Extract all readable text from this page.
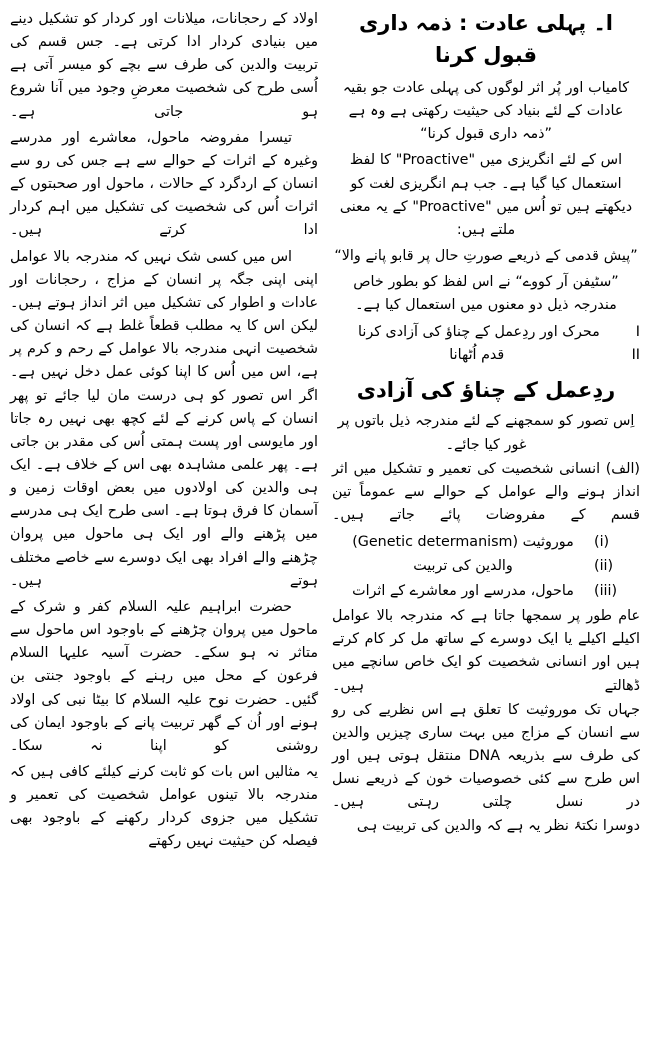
ا۔ پہلی عادت : ذمہ داری قبول کرنا

کامیاب اور پُر اثر لوگوں کی پہلی عادت جو بقیہ عادات کے لئے بنیاد کی حیثیت رکھتی ہے وہ ہے ”ذمہ داری قبول کرنا“

اس کے لئے انگریزی میں "Proactive" کا لفظ استعمال کیا گیا ہے۔ جب ہم انگریزی لغت کو دیکھتے ہیں تو اُس میں "Proactive" کے یہ معنی ملتے ہیں:

”پیش قدمی کے ذریعے صورتِ حال پر قابو پانے والا“

”سٹیفن آر کووے“ نے اس لفظ کو بطور خاص مندرجہ ذیل دو معنوں میں استعمال کیا ہے۔

I
محرک اور ردِعمل کے چناؤ کی آزادی کرنا
II
قدم اُٹھانا
ردِعمل کے چناؤ کی آزادی

اِس تصور کو سمجھنے کے لئے مندرجہ ذیل باتوں پر غور کیا جائے۔

(الف) انسانی شخصیت کی تعمیر و تشکیل میں اثر انداز ہونے والے عوامل کے حوالے سے عموماً تین قسم کے مفروضات پائے جاتے ہیں۔

(i)
موروثیت (Genetic determanism)
(ii)
والدین کی تربیت
(iii)
ماحول، مدرسے اور معاشرے کے اثرات

عام طور پر سمجھا جاتا ہے کہ مندرجہ بالا عوامل اکیلے اکیلے یا ایک دوسرے کے ساتھ مل کر کام کرتے ہیں اور انسانی شخصیت کو ایک خاص سانچے میں ڈھالتے ہیں۔

جہاں تک موروثیت کا تعلق ہے اس نظریے کی رو سے انسان کے مزاج میں بہت ساری چیزیں والدین کی طرف سے بذریعہ DNA منتقل ہوتی ہیں اور اس طرح سے کئی خصوصیات خون کے ذریعے نسل در نسل چلتی رہتی ہیں۔

دوسرا نکتۂ نظر یہ ہے کہ والدین کی تربیت ہی

اولاد کے رحجانات، میلانات اور کردار کو تشکیل دینے میں بنیادی کردار ادا کرتی ہے۔ جس قسم کی تربیت والدین کی طرف سے بچے کو میسر آتی ہے اُسی طرح کی شخصیت معرضِ وجود میں آنا شروع ہو جاتی ہے۔

تیسرا مفروضہ ماحول، معاشرے اور مدرسے وغیرہ کے اثرات کے حوالے سے ہے جس کی رو سے انسان کے اردگرد کے حالات ، ماحول اور صحبتوں کے اثرات اُس کی شخصیت کی تشکیل میں اہم کردار ادا کرتے ہیں۔

اس میں کسی شک نہیں کہ مندرجہ بالا عوامل اپنی اپنی جگہ پر انسان کے مزاج ، رحجانات اور عادات و اطوار کی تشکیل میں اثر انداز ہوتے ہیں۔ لیکن اس کا یہ مطلب قطعاً غلط ہے کہ انسان کی شخصیت انہی مندرجہ بالا عوامل کے رحم و کرم پر ہے، اس میں اُس کا اپنا کوئی عمل دخل نہیں ہے۔ اگر اس تصور کو ہی درست مان لیا جائے تو پھر انسان کے پاس کرنے کے لئے کچھ بھی نہیں رہ جاتا اور مایوسی اور پست ہمتی اُس کی مقدر بن جاتی ہے۔ پھر علمی مشاہدہ بھی اس کے خلاف ہے۔ ایک ہی والدین کی اولادوں میں بعض اوقات زمین و آسمان کا فرق ہوتا ہے۔ اسی طرح ایک ہی مدرسے میں پڑھنے والے اور ایک ہی ماحول میں پروان چڑھنے والے افراد بھی ایک دوسرے سے خاصے مختلف ہوتے ہیں۔

حضرت ابراہیم علیہ السلام کفر و شرک کے ماحول میں پروان چڑھنے کے باوجود اس ماحول سے متاثر نہ ہو سکے۔ حضرت آسیہ علیہا السلام فرعون کے محل میں رہنے کے باوجود جنتی بن گئیں۔ حضرت نوح علیہ السلام کا بیٹا نبی کی اولاد ہونے اور اُن کے گھر تربیت پانے کے باوجود ایمان کی روشنی کو اپنا نہ سکا۔

یہ مثالیں اس بات کو ثابت کرنے کیلئے کافی ہیں کہ مندرجہ بالا تینوں عوامل شخصیت کی تعمیر و تشکیل میں جزوی کردار رکھنے کے باوجود بھی فیصلہ کن حیثیت نہیں رکھتے
